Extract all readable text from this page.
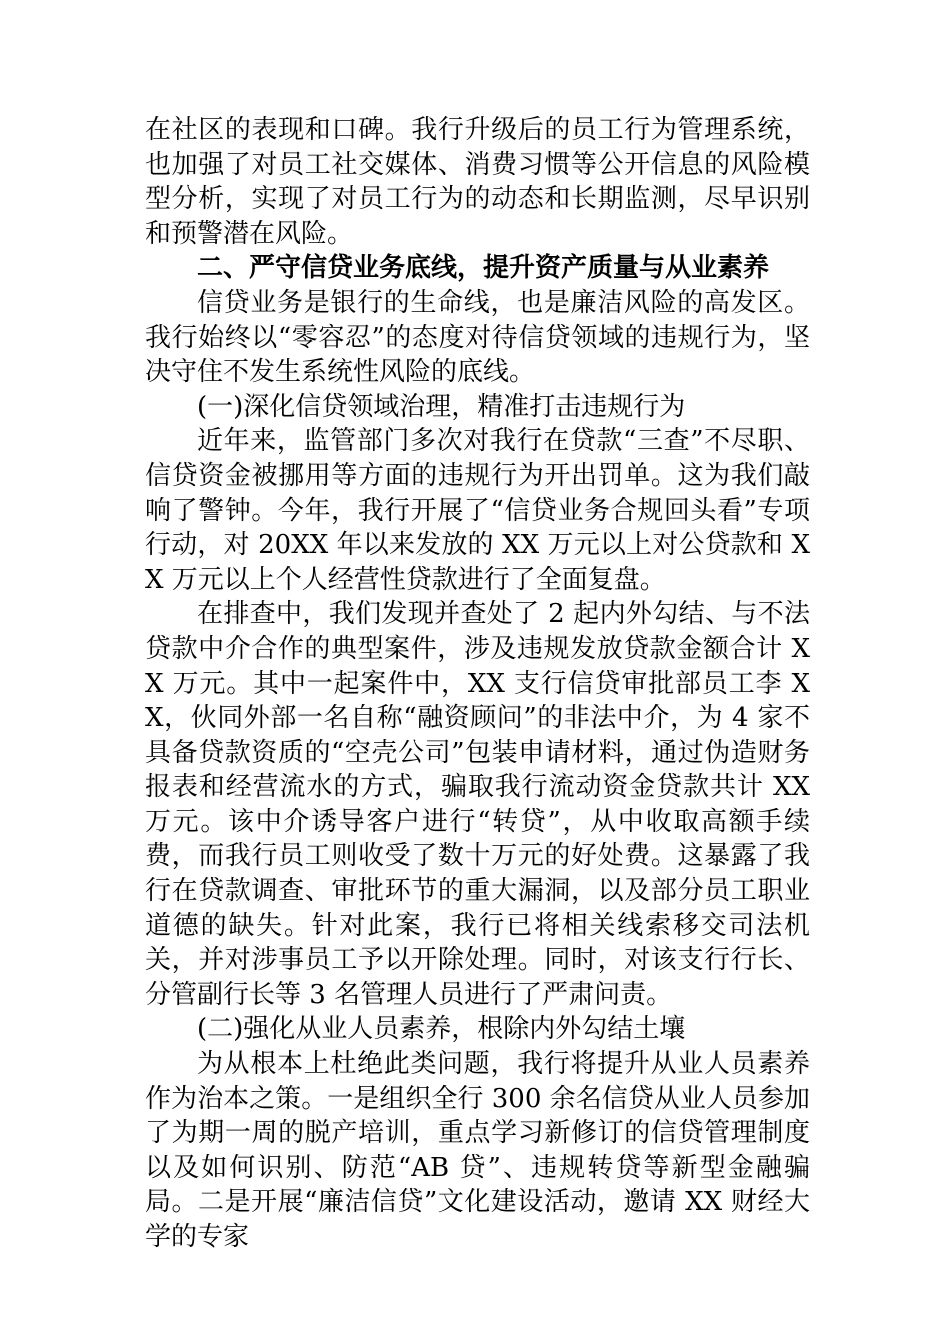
在社区的表现和口碑。我行升级后的员工行为管理系统，也加强了对员工社交媒体、消费习惯等公开信息的风险模型分析，实现了对员工行为的动态和长期监测，尽早识别和预警潜在风险。

二、严守信贷业务底线，提升资产质量与从业素养

信贷业务是银行的生命线，也是廉洁风险的高发区。我行始终以“零容忍”的态度对待信贷领域的违规行为，坚决守住不发生系统性风险的底线。

(一)深化信贷领域治理，精准打击违规行为

近年来，监管部门多次对我行在贷款“三查”不尽职、信贷资金被挪用等方面的违规行为开出罚单。这为我们敲响了警钟。今年，我行开展了“信贷业务合规回头看”专项行动，对 20XX 年以来发放的 XX 万元以上对公贷款和 XX 万元以上个人经营性贷款进行了全面复盘。

在排查中，我们发现并查处了 2 起内外勾结、与不法贷款中介合作的典型案件，涉及违规发放贷款金额合计 XX 万元。其中一起案件中，XX 支行信贷审批部员工李 XX，伙同外部一名自称“融资顾问”的非法中介，为 4 家不具备贷款资质的“空壳公司”包装申请材料，通过伪造财务报表和经营流水的方式，骗取我行流动资金贷款共计 XX 万元。该中介诱导客户进行“转贷”，从中收取高额手续费，而我行员工则收受了数十万元的好处费。这暴露了我行在贷款调查、审批环节的重大漏洞，以及部分员工职业道德的缺失。针对此案，我行已将相关线索移交司法机关，并对涉事员工予以开除处理。同时，对该支行行长、分管副行长等 3 名管理人员进行了严肃问责。

(二)强化从业人员素养，根除内外勾结土壤

为从根本上杜绝此类问题，我行将提升从业人员素养作为治本之策。一是组织全行 300 余名信贷从业人员参加了为期一周的脱产培训，重点学习新修订的信贷管理制度以及如何识别、防范“AB 贷”、违规转贷等新型金融骗局。二是开展“廉洁信贷”文化建设活动，邀请 XX 财经大学的专家
